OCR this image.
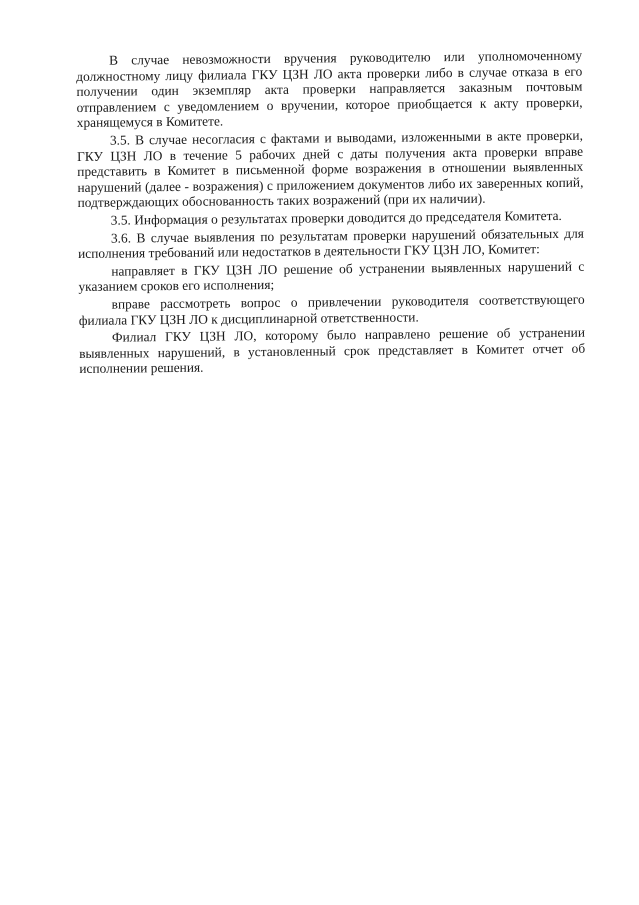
В случае невозможности вручения руководителю или уполномоченному должностному лицу филиала ГКУ ЦЗН ЛО акта проверки либо в случае отказа в его получении один экземпляр акта проверки направляется заказным почтовым отправлением с уведомлением о вручении, которое приобщается к акту проверки, хранящемуся в Комитете.

3.5. В случае несогласия с фактами и выводами, изложенными в акте проверки, ГКУ ЦЗН ЛО в течение 5 рабочих дней с даты получения акта проверки вправе представить в Комитет в письменной форме возражения в отношении выявленных нарушений (далее - возражения) с приложением документов либо их заверенных копий, подтверждающих обоснованность таких возражений (при их наличии).

3.5. Информация о результатах проверки доводится до председателя Комитета.

3.6. В случае выявления по результатам проверки нарушений обязательных для исполнения требований или недостатков в деятельности ГКУ ЦЗН ЛО, Комитет:

направляет в ГКУ ЦЗН ЛО решение об устранении выявленных нарушений с указанием сроков его исполнения;

вправе рассмотреть вопрос о привлечении руководителя соответствующего филиала ГКУ ЦЗН ЛО к дисциплинарной ответственности.

Филиал ГКУ ЦЗН ЛО, которому было направлено решение об устранении выявленных нарушений, в установленный срок представляет в Комитет отчет об исполнении решения.
